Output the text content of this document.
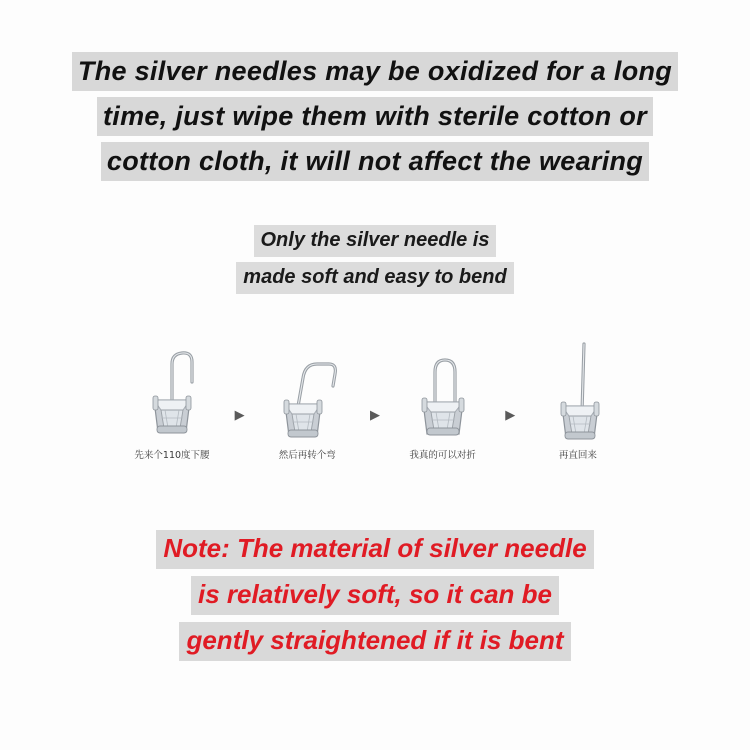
The silver needles may be oxidized for a long
time, just wipe them with sterile cotton or
cotton cloth, it will not affect the wearing
Only the silver needle is
made soft and easy to bend
先来个110度下腰
▶
然后再转个弯
▶
我真的可以对折
▶
再直回来
Note: The material of silver needle
is relatively soft, so it can be
gently straightened if it is bent
